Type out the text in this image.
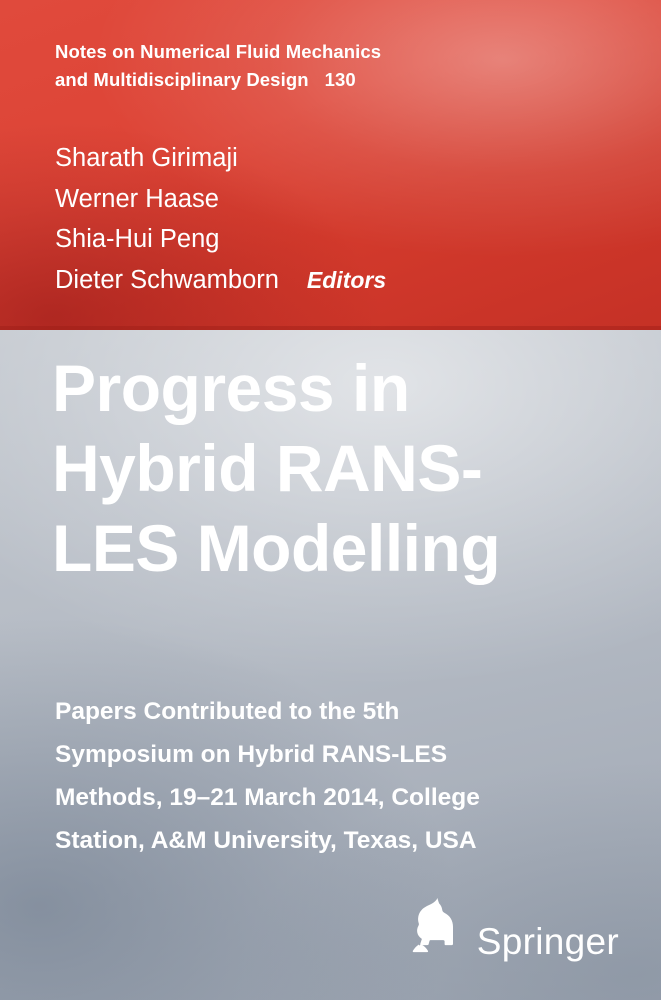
Notes on Numerical Fluid Mechanics
and Multidisciplinary Design 130
Sharath Girimaji
Werner Haase
Shia-Hui Peng
Dieter Schwamborn Editors
Progress in
Hybrid RANS-
LES Modelling
Papers Contributed to the 5th
Symposium on Hybrid RANS-LES
Methods, 19–21 March 2014, College
Station, A&M University, Texas, USA
Springer
